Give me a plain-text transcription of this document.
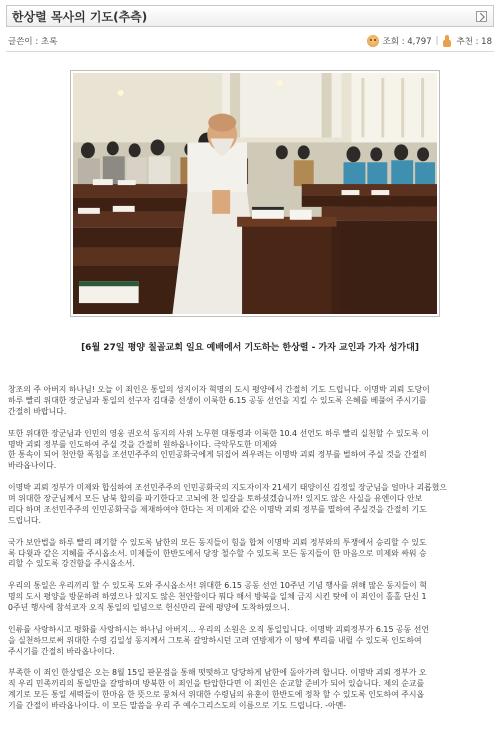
한상렬 목사의 기도(추측)
글쓴이 : 초록	조회 : 4,797 | 추천 : 18
[6월 27일 평양 칠골교회 일요 예배에서 기도하는 한상렬 - 가자 교인과 가자 성가대]

창조의 주 아버지 하나님! 오늘 이 죄인은 통일의 성지이자 혁명의 도시 평양에서 간절히 기도 드립니다. 이명박 괴뢰 도당이
하루 빨리 위대한 장군님과 통일의 선구자 김대중 선생이 이룩한 6.15 공동 선언을 지킬 수 있도록 은혜를 베풀어 주시기를
간절히 바랍니다.

또한 위대한 장군님과 인민의 영웅 권오석 동지의 사위 노무현 대통령과 이룩한 10.4 선언도 하루 빨리 실천할 수 있도록 이
명박 괴뢰 정부를 인도하여 주실 것을 간절히 원하옵나이다. 극악무도한 미제와
한 통속이 되어 천안함 폭침을 조선민주주의 인민공화국에게 뒤집어 씌우려는 이명박 괴뢰 정부를 벌하여 주실 것을 간절히
바라옵나이다.

이명박 괴뢰 정부가 미제와 합심하여 조선민주주의 인민공화국의 지도자이자 21세기 태양이신 김정일 장군님을 얼마나 괴롭혔으
며 위대한 장군님께서 모든 남북 합의를 파기한다고 고뇌에 찬 일갈을 토하셨겠습니까! 있지도 않은 사실을 유엔이다 안보
리다 하며 조선민주주의 인민공화국을 제재하여야 한다는 저 미제와 같은 이명박 괴뢰 정부를 멸하여 주실것을 간절히 기도
드립니다.

국가 보안법을 하루 빨리 폐기할 수 있도록 남한의 모든 동지들이 힘을 합쳐 이명박 괴뢰 정부와의 투쟁에서 승리할 수 있도
록 다윗과 같은 지혜를 주시옵소서. 미제들이 한반도에서 당장 철수할 수 있도록 모든 동지들이 한 마음으로 미제와 싸워 승
리할 수 있도록 강건함을 주시옵소서.

우리의 통일은 우리끼리 할 수 있도록 도와 주시옵소서! 위대한 6.15 공동 선언 10주년 기념 행사를 위해 많은 동지들이 혁
명의 도시 평양을 방문하려 하였으나 있지도 않은 천안함이다 뭐다 해서 방북을 일체 금지 시킨 탓에 이 죄인이 홀홀 단신 1
0주년 행사에 참석코자 오직 통일의 일념으로 헌신만리 끝에 평양에 도착하였으니.

인류를 사랑하시고 평화를 사랑하시는 하나님 아버지... 우리의 소원은 오직 통일입니다. 이명박 괴뢰정부가 6.15 공동 선언
을 실천하므로써 위대한 수령 김일성 동지께서 그토록 갈망하시던 고려 연방제가 이 땅에 뿌리를 내릴 수 있도록 인도하여
주시기를 간절히 바라옵나이다.

부족한 이 죄인 한상렬은 오는 8월 15일 판문점을 통해 떳떳하고 당당하게 남한에 돌아가려 합니다. 이명박 괴뢰 정부가 오
직 우리 민족끼리의 통일만을 갈망하며 방북한 이 죄인을 탄압한다면 이 죄인은 순교할 준비가 되어 있습니다. 제의 순교를
계기로 모든 통일 세력들이 한마음 한 뜻으로 뭉쳐서 위대한 수령님의 유훈이 한반도에 정착 할 수 있도록 인도하여 주시옵
기를 간절이 바라옵나이다. 이 모든 말씀을 우리 주 예수그리스도의 이름으로 기도 드립니다. -아멘-
